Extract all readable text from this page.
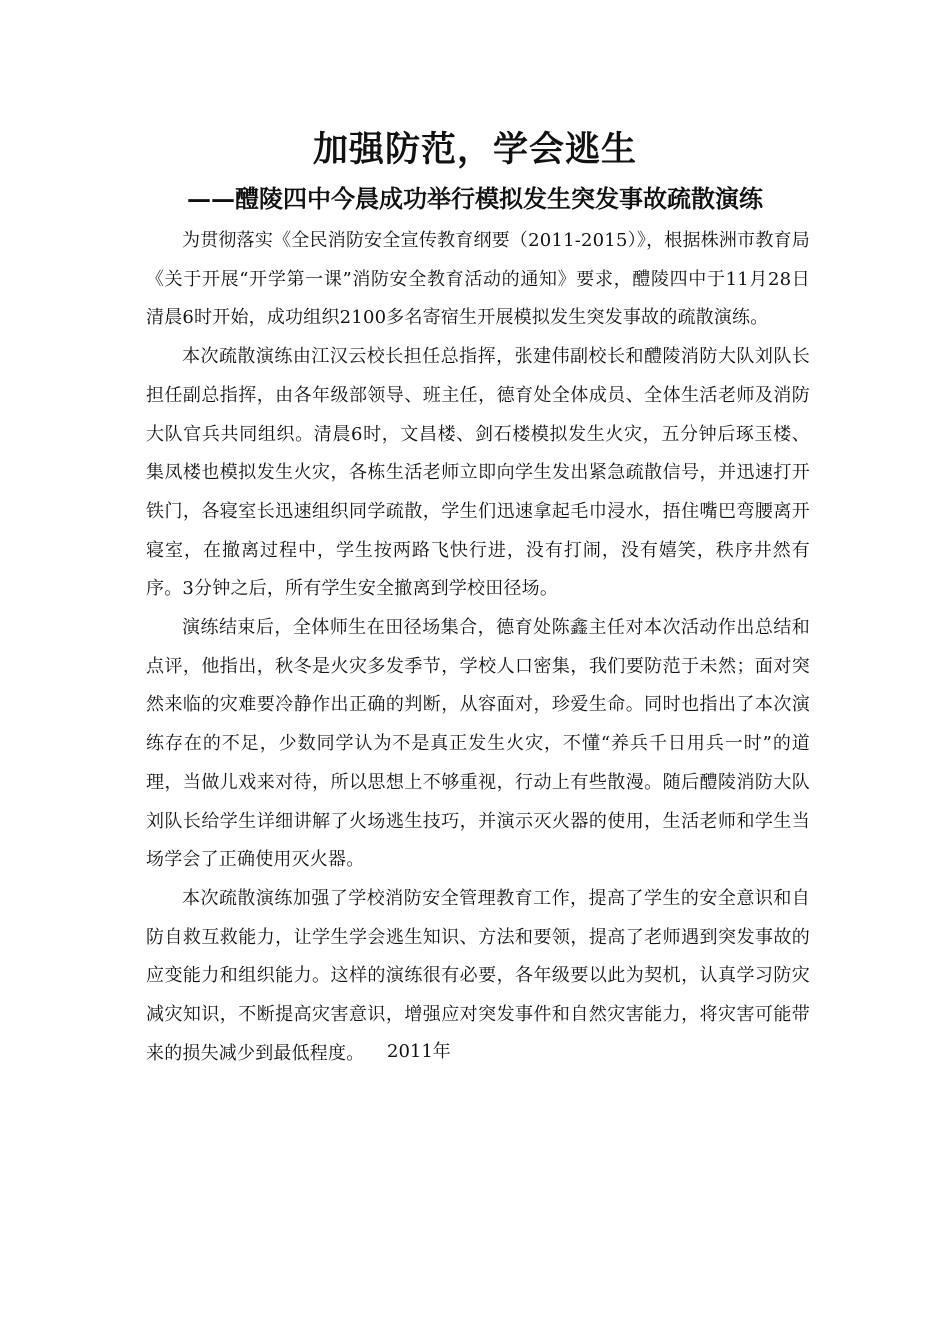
加强防范，学会逃生
——醴陵四中今晨成功举行模拟发生突发事故疏散演练

为贯彻落实《全民消防安全宣传教育纲要（2011-2015）》，根据株洲市教育局《关于开展“开学第一课”消防安全教育活动的通知》要求，醴陵四中于11月28日清晨6时开始，成功组织2100多名寄宿生开展模拟发生突发事故的疏散演练。

本次疏散演练由江汉云校长担任总指挥，张建伟副校长和醴陵消防大队刘队长担任副总指挥，由各年级部领导、班主任，德育处全体成员、全体生活老师及消防大队官兵共同组织。清晨6时，文昌楼、剑石楼模拟发生火灾，五分钟后琢玉楼、集凤楼也模拟发生火灾，各栋生活老师立即向学生发出紧急疏散信号，并迅速打开铁门，各寝室长迅速组织同学疏散，学生们迅速拿起毛巾浸水，捂住嘴巴弯腰离开寝室，在撤离过程中，学生按两路飞快行进，没有打闹，没有嬉笑，秩序井然有序。3分钟之后，所有学生安全撤离到学校田径场。

演练结束后，全体师生在田径场集合，德育处陈鑫主任对本次活动作出总结和点评，他指出，秋冬是火灾多发季节，学校人口密集，我们要防范于未然；面对突然来临的灾难要冷静作出正确的判断，从容面对，珍爱生命。同时也指出了本次演练存在的不足，少数同学认为不是真正发生火灾，不懂“养兵千日用兵一时”的道理，当做儿戏来对待，所以思想上不够重视，行动上有些散漫。随后醴陵消防大队刘队长给学生详细讲解了火场逃生技巧，并演示灭火器的使用，生活老师和学生当场学会了正确使用灭火器。

本次疏散演练加强了学校消防安全管理教育工作，提高了学生的安全意识和自防自救互救能力，让学生学会逃生知识、方法和要领，提高了老师遇到突发事故的应变能力和组织能力。这样的演练很有必要，各年级要以此为契机，认真学习防灾减灾知识，不断提高灾害意识，增强应对突发事件和自然灾害能力，将灾害可能带来的损失减少到最低程度。	2011年
